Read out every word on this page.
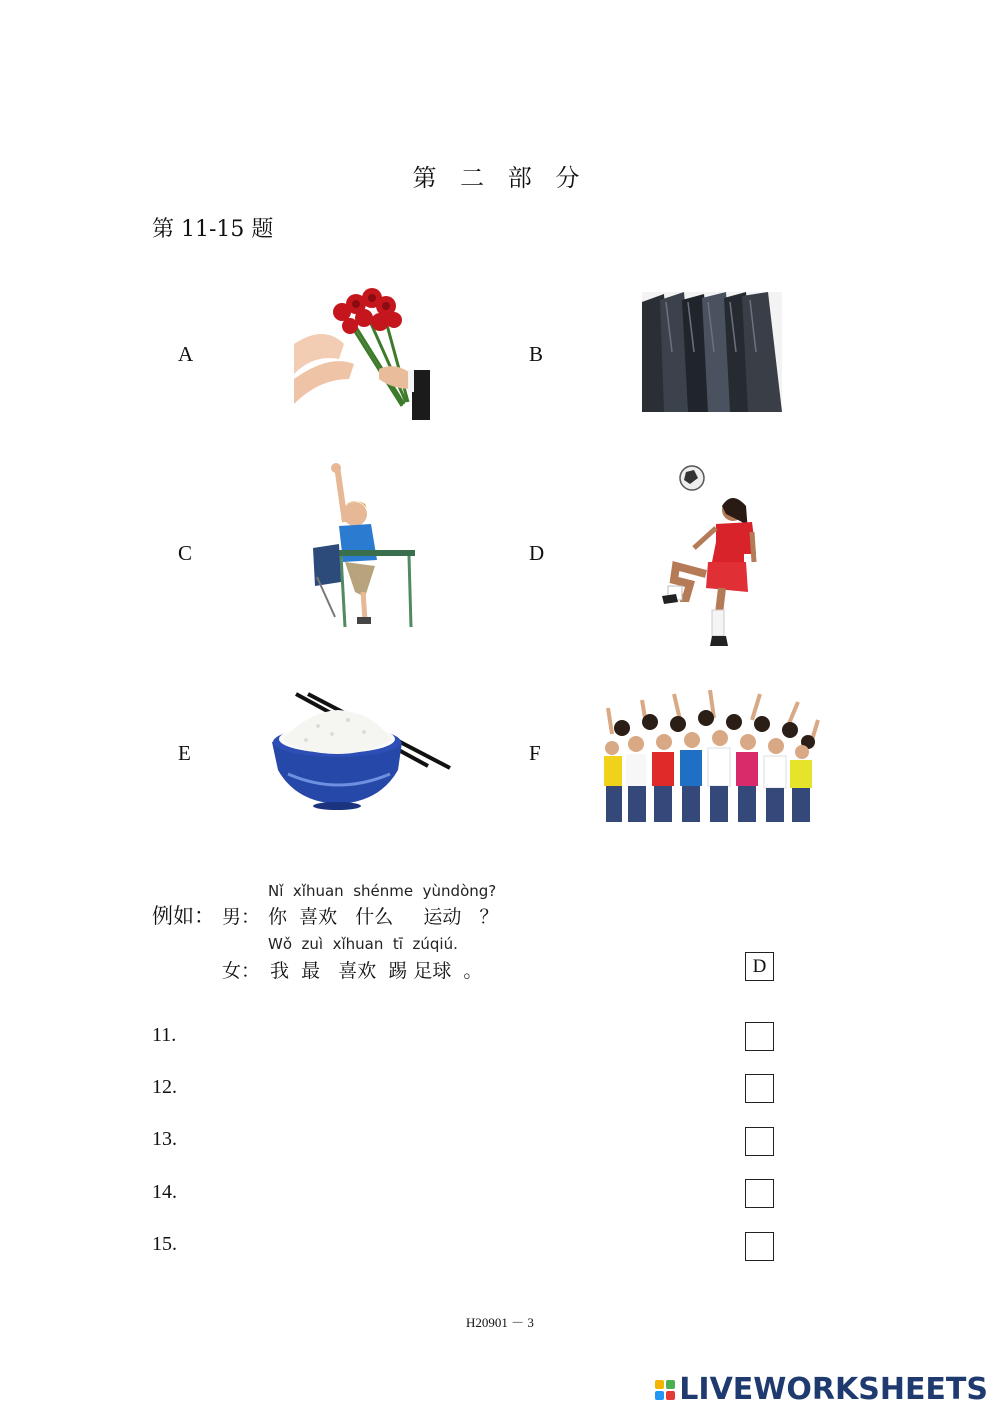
第 二 部 分
第 11-15 题
A	B
C	D
E	F
例如： 男：
Nǐ  xǐhuan  shénme  yùndòng?
你  喜欢   什么     运动   ？
女：
Wǒ  zuì  xǐhuan  tī  zúqiú.
我  最   喜欢  踢 足球  。	D
11.
12.
13.
14.
15.
H20901 － 3
LIVEWORKSHEETS
